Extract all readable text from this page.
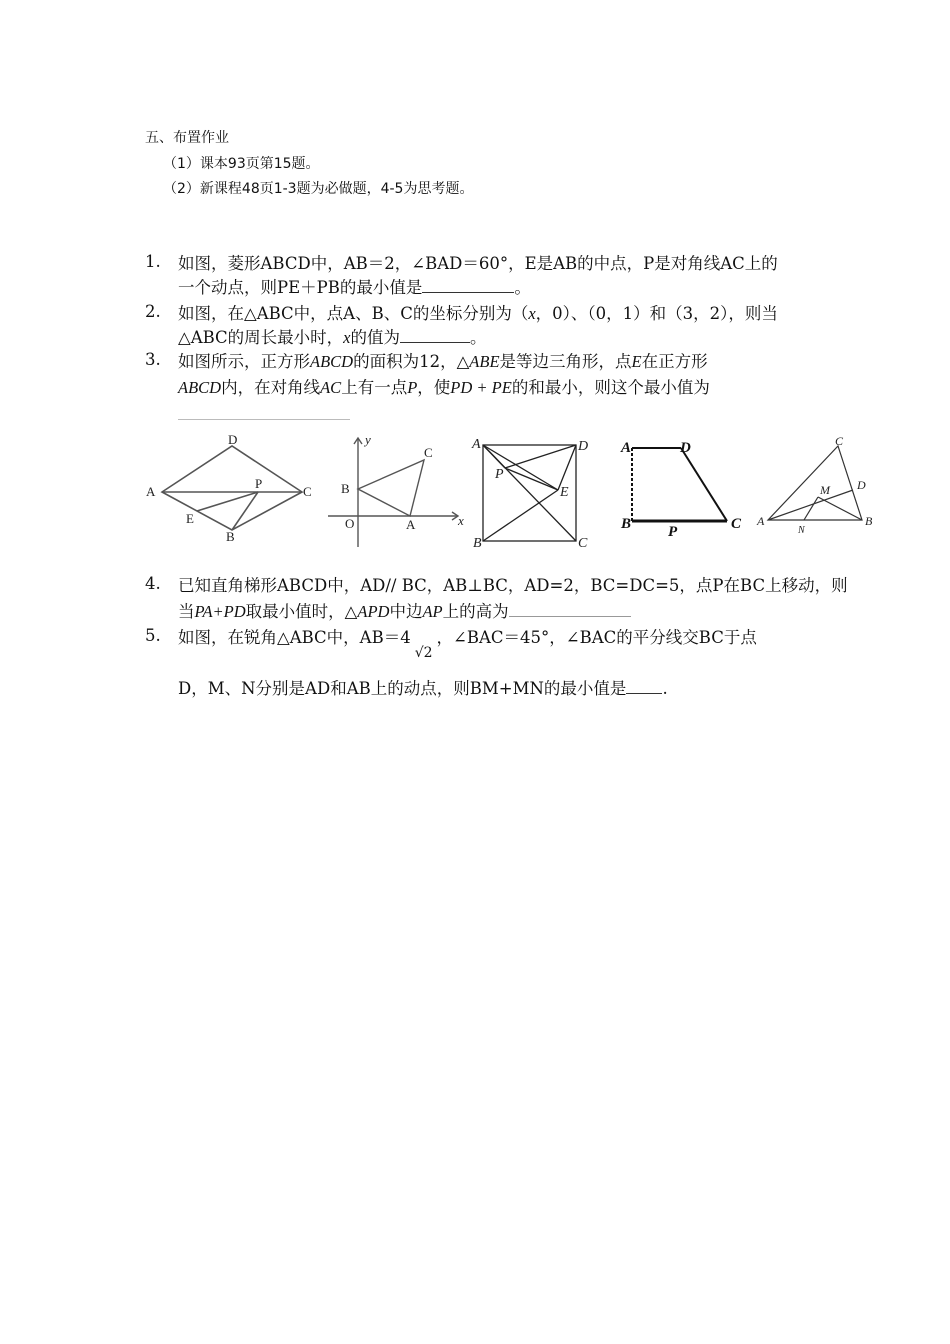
五、布置作业
（1）课本93页第15题。
（2）新课程48页1-3题为必做题，4-5为思考题。
1. 如图，菱形ABCD中，AB＝2，∠BAD＝60°，E是AB的中点，P是对角线AC上的
一个动点，则PE＋PB的最小值是	。
2. 如图，在△ABC中，点A、B、C的坐标分别为（x，0）、（0，1）和（3，2），则当
△ABC的周长最小时，x的值为	。
3. 如图所示，正方形ABCD的面积为12，△ABE是等边三角形，点E在正方形
ABCD内，在对角线AC上有一点P，使PD + PE的和最小，则这个最小值为
D
A
P
C
E
B
y
C
B
O	A	x
A	D
P
E
B	C
A	D
B P	C
C
D
M
A
N
B
4. 已知直角梯形ABCD中，AD// BC，AB⊥BC，AD=2，BC=DC=5，点P在BC上移动，则
当PA+PD取最小值时，△APD中边AP上的高为
5. 如图，在锐角△ABC中，AB＝4√2，∠BAC＝45°，∠BAC的平分线交BC于点
D，M、N分别是AD和AB上的动点，则BM+MN的最小值是 .
